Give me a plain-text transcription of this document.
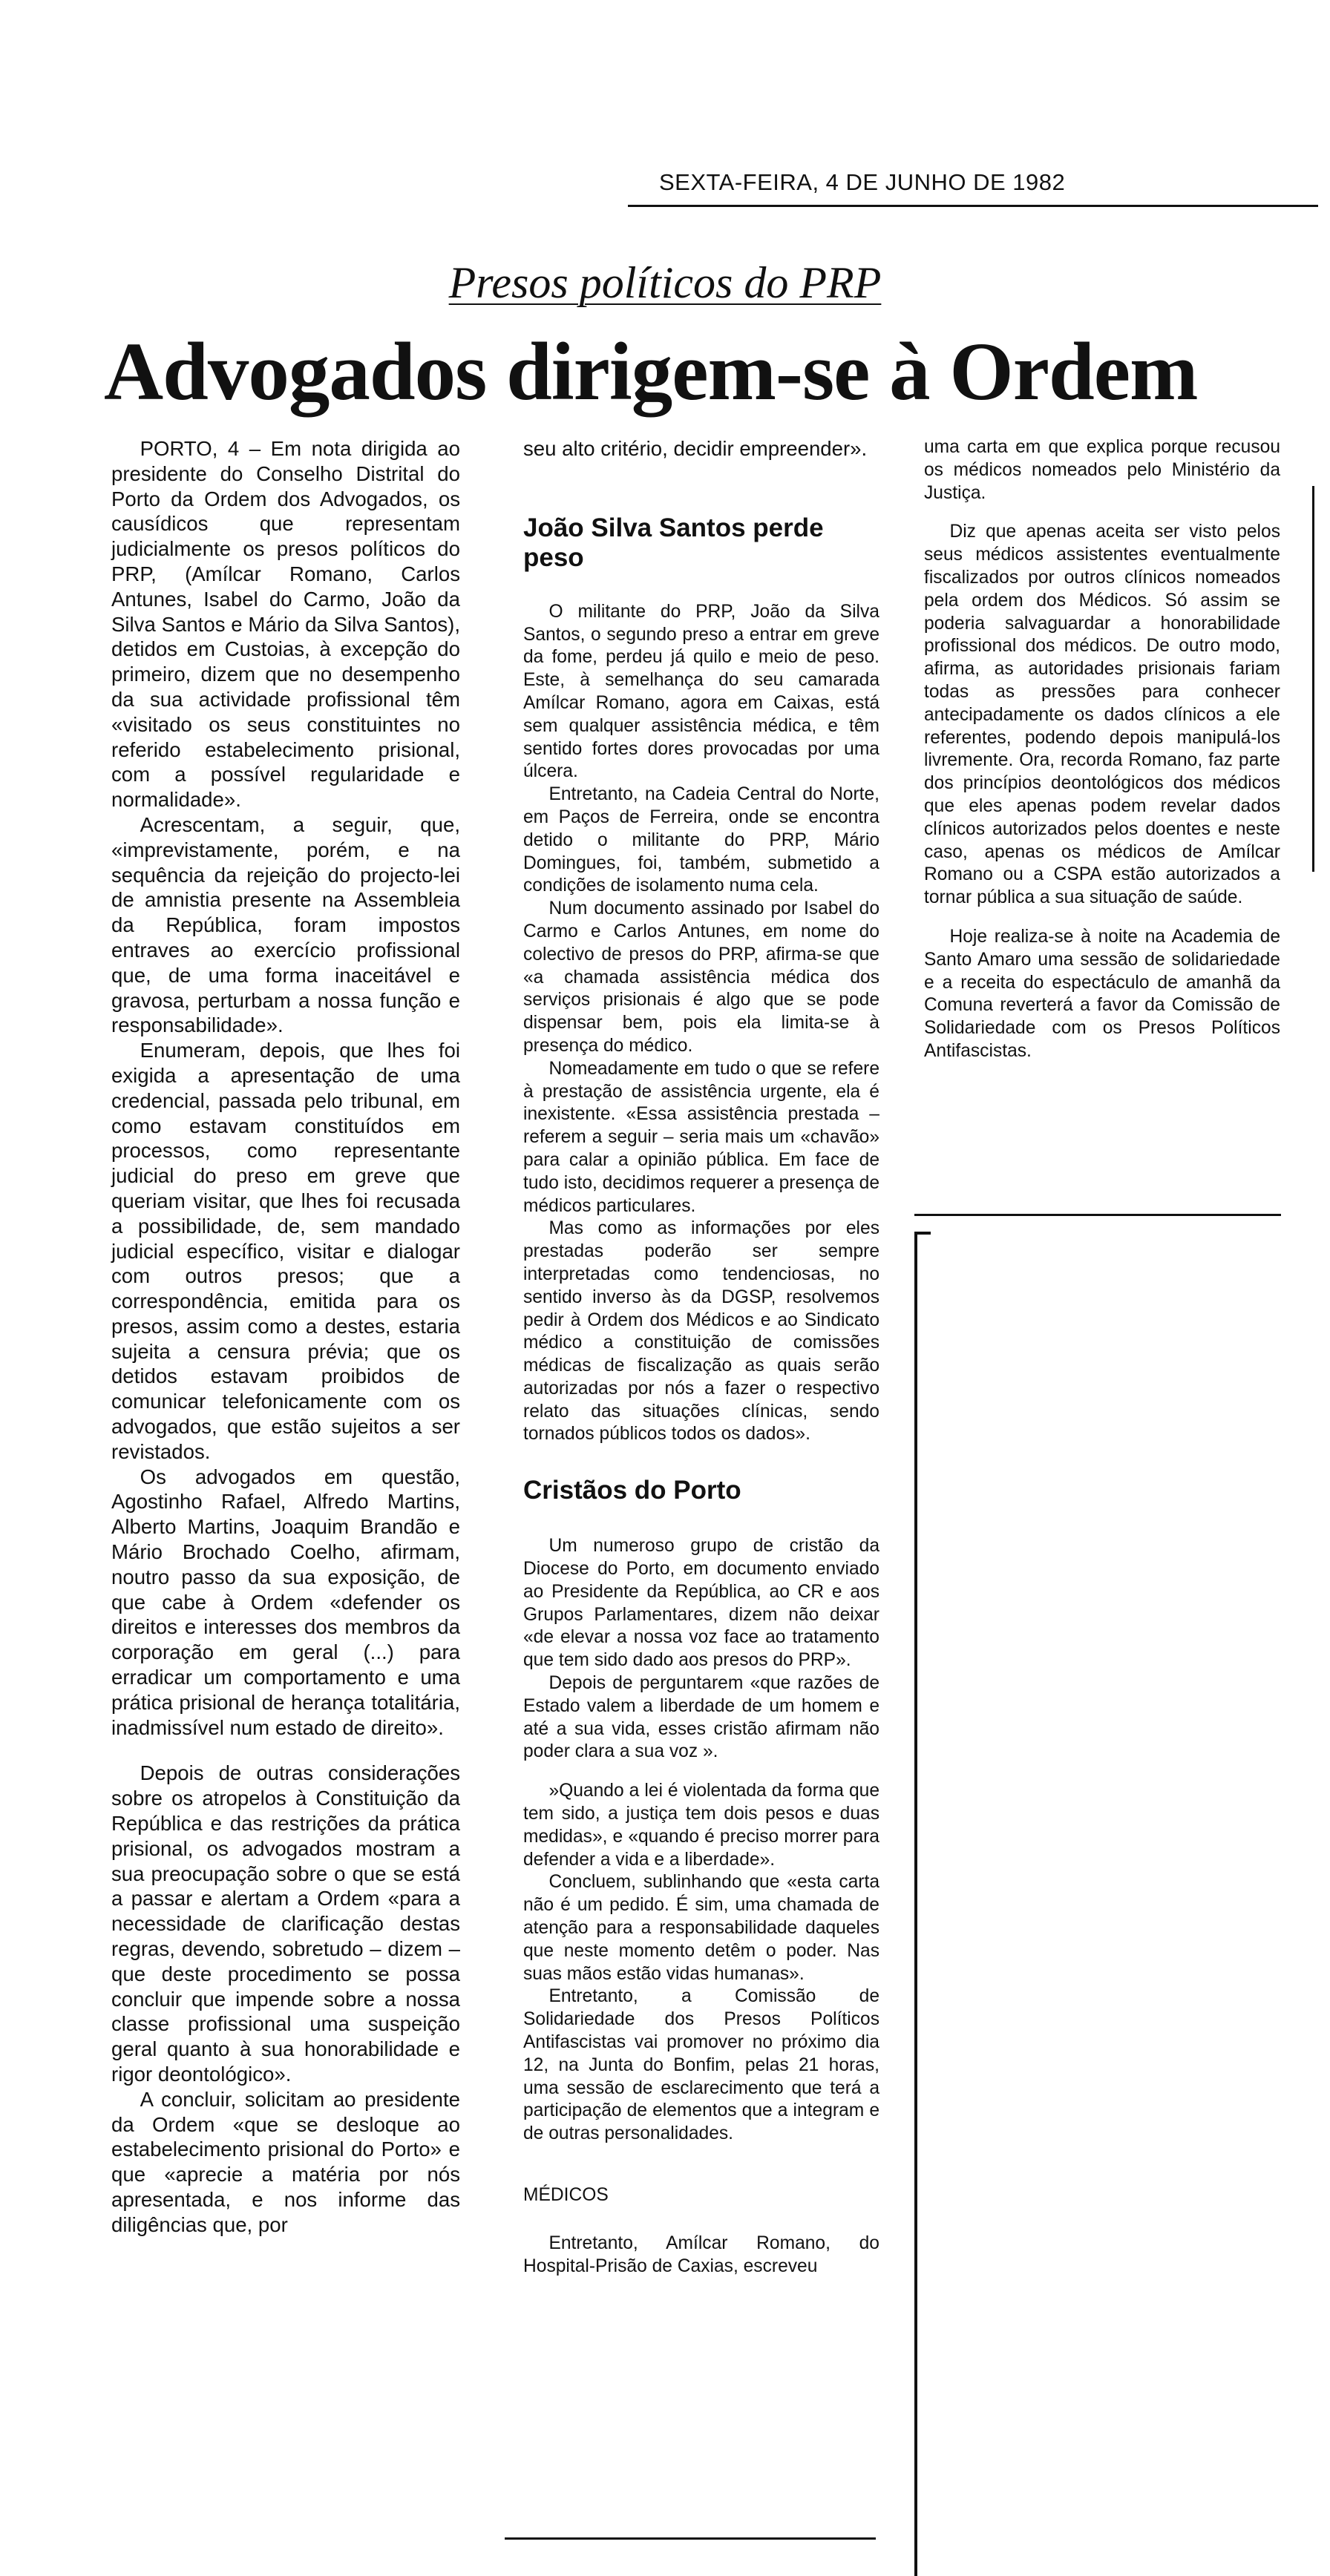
SEXTA-FEIRA, 4 DE JUNHO DE 1982
Presos políticos do PRP
Advogados dirigem-se à Ordem

PORTO, 4 – Em nota dirigida ao presidente do Conselho Distrital do Porto da Ordem dos Advogados, os causídicos que representam judicialmente os presos políticos do PRP, (Amílcar Romano, Carlos Antunes, Isabel do Carmo, João da Silva Santos e Mário da Silva Santos), detidos em Custoias, à excepção do primeiro, dizem que no desempenho da sua actividade profissional têm «visitado os seus constituintes no referido estabelecimento prisional, com a possível regularidade e normalidade».

Acrescentam, a seguir, que, «imprevistamente, porém, e na sequência da rejeição do projecto-lei de amnistia presente na Assembleia da República, foram impostos entraves ao exercício profissional que, de uma forma inaceitável e gravosa, perturbam a nossa função e responsabilidade».

Enumeram, depois, que lhes foi exigida a apresentação de uma credencial, passada pelo tribunal, em como estavam constituídos em processos, como representante judicial do preso em greve que queriam visitar, que lhes foi recusada a possibilidade, de, sem mandado judicial específico, visitar e dialogar com outros presos; que a correspondência, emitida para os presos, assim como a destes, estaria sujeita a censura prévia; que os detidos estavam proibidos de comunicar telefonicamente com os advogados, que estão sujeitos a ser revistados.

Os advogados em questão, Agostinho Rafael, Alfredo Martins, Alberto Martins, Joaquim Brandão e Mário Brochado Coelho, afirmam, noutro passo da sua exposição, de que cabe à Ordem «defender os direitos e interesses dos membros da corporação em geral (...) para erradicar um comportamento e uma prática prisional de herança totalitária, inadmissível num estado de direito».

Depois de outras considerações sobre os atropelos à Constituição da República e das restrições da prática prisional, os advogados mostram a sua preocupação sobre o que se está a passar e alertam a Ordem «para a necessidade de clarificação destas regras, devendo, sobretudo – dizem – que deste procedimento se possa concluir que impende sobre a nossa classe profissional uma suspeição geral quanto à sua honorabilidade e rigor deontológico».

A concluir, solicitam ao presidente da Ordem «que se desloque ao estabelecimento prisional do Porto» e que «aprecie a matéria por nós apresentada, e nos informe das diligências que, por

seu alto critério, decidir empreender».

João Silva Santos perde peso

O militante do PRP, João da Silva Santos, o segundo preso a entrar em greve da fome, perdeu já quilo e meio de peso. Este, à semelhança do seu camarada Amílcar Romano, agora em Caixas, está sem qualquer assistência médica, e têm sentido fortes dores provocadas por uma úlcera.

Entretanto, na Cadeia Central do Norte, em Paços de Ferreira, onde se encontra detido o militante do PRP, Mário Domingues, foi, também, submetido a condições de isolamento numa cela.

Num documento assinado por Isabel do Carmo e Carlos Antunes, em nome do colectivo de presos do PRP, afirma-se que «a chamada assistência médica dos serviços prisionais é algo que se pode dispensar bem, pois ela limita-se à presença do médico.

Nomeadamente em tudo o que se refere à prestação de assistência urgente, ela é inexistente. «Essa assistência prestada – referem a seguir – seria mais um «chavão» para calar a opinião pública. Em face de tudo isto, decidimos requerer a presença de médicos particulares.

Mas como as informações por eles prestadas poderão ser sempre interpretadas como tendenciosas, no sentido inverso às da DGSP, resolvemos pedir à Ordem dos Médicos e ao Sindicato médico a constituição de comissões médicas de fiscalização as quais serão autorizadas por nós a fazer o respectivo relato das situações clínicas, sendo tornados públicos todos os dados».

Cristãos do Porto

Um numeroso grupo de cristão da Diocese do Porto, em documento enviado ao Presidente da República, ao CR e aos Grupos Parlamentares, dizem não deixar «de elevar a nossa voz face ao tratamento que tem sido dado aos presos do PRP».

Depois de perguntarem «que razões de Estado valem a liberdade de um homem e até a sua vida, esses cristão afirmam não poder clara a sua voz ».

»Quando a lei é violentada da forma que tem sido, a justiça tem dois pesos e duas medidas», e «quando é preciso morrer para defender a vida e a liberdade».

Concluem, sublinhando que «esta carta não é um pedido. É sim, uma chamada de atenção para a responsabilidade daqueles que neste momento detêm o poder. Nas suas mãos estão vidas humanas».

Entretanto, a Comissão de Solidariedade dos Presos Políticos Antifascistas vai promover no próximo dia 12, na Junta do Bonfim, pelas 21 horas, uma sessão de esclarecimento que terá a participação de elementos que a integram e de outras personalidades.

MÉDICOS

Entretanto, Amílcar Romano, do Hospital-Prisão de Caxias, escreveu

uma carta em que explica porque recusou os médicos nomeados pelo Ministério da Justiça.

Diz que apenas aceita ser visto pelos seus médicos assistentes eventualmente fiscalizados por outros clínicos nomeados pela ordem dos Médicos. Só assim se poderia salvaguardar a honorabilidade profissional dos médicos. De outro modo, afirma, as autoridades prisionais fariam todas as pressões para conhecer antecipadamente os dados clínicos a ele referentes, podendo depois manipulá-los livremente. Ora, recorda Romano, faz parte dos princípios deontológicos dos médicos que eles apenas podem revelar dados clínicos autorizados pelos doentes e neste caso, apenas os médicos de Amílcar Romano ou a CSPA estão autorizados a tornar pública a sua situação de saúde.

Hoje realiza-se à noite na Academia de Santo Amaro uma sessão de solidariedade e a receita do espectáculo de amanhã da Comuna reverterá a favor da Comissão de Solidariedade com os Presos Políticos Antifascistas.
